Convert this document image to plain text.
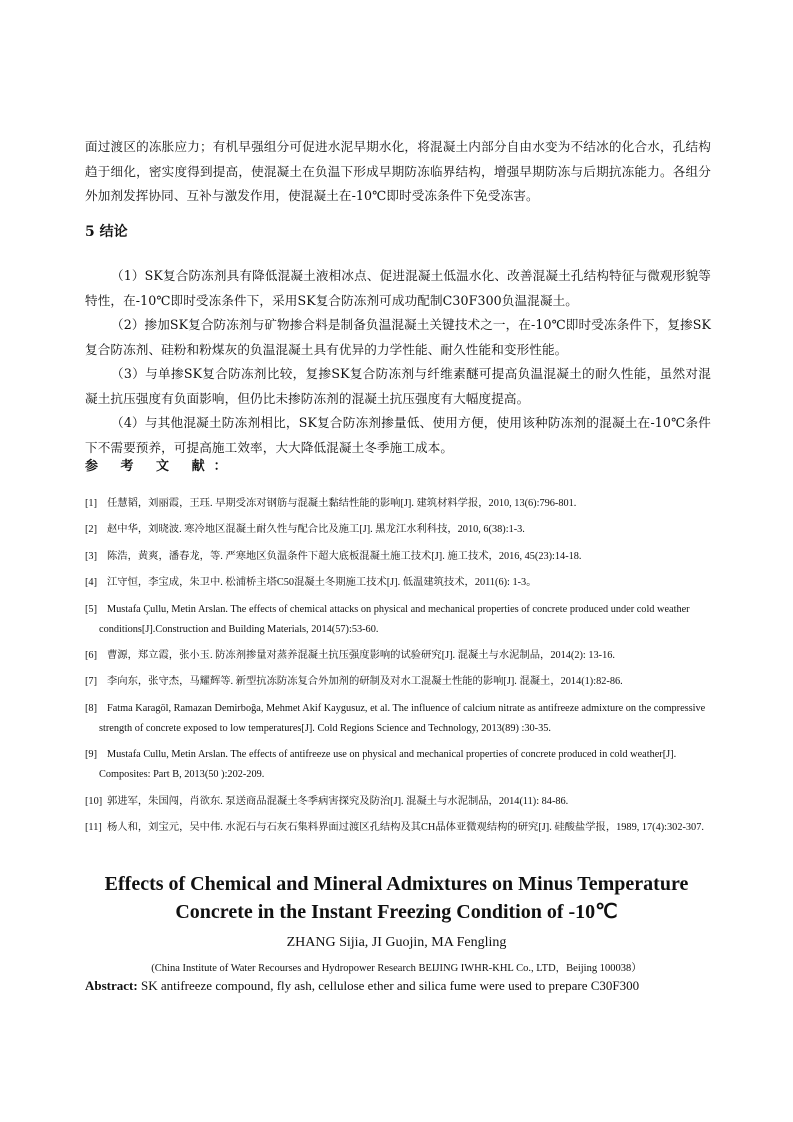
面过渡区的冻胀应力；有机早强组分可促进水泥早期水化，将混凝土内部分自由水变为不结冰的化合水，孔结构趋于细化，密实度得到提高，使混凝土在负温下形成早期防冻临界结构，增强早期防冻与后期抗冻能力。各组分外加剂发挥协同、互补与激发作用，使混凝土在-10℃即时受冻条件下免受冻害。

5 结论

（1）SK复合防冻剂具有降低混凝土液相冰点、促进混凝土低温水化、改善混凝土孔结构特征与微观形貌等特性，在-10℃即时受冻条件下，采用SK复合防冻剂可成功配制C30F300负温混凝土。

（2）掺加SK复合防冻剂与矿物掺合料是制备负温混凝土关键技术之一，在-10℃即时受冻条件下，复掺SK复合防冻剂、硅粉和粉煤灰的负温混凝土具有优异的力学性能、耐久性能和变形性能。

（3）与单掺SK复合防冻剂比较，复掺SK复合防冻剂与纤维素醚可提高负温混凝土的耐久性能，虽然对混凝土抗压强度有负面影响，但仍比未掺防冻剂的混凝土抗压强度有大幅度提高。

（4）与其他混凝土防冻剂相比，SK复合防冻剂掺量低、使用方便，使用该种防冻剂的混凝土在-10℃条件下不需要预养，可提高施工效率，大大降低混凝土冬季施工成本。

参 考 文 献：
[1] 任慧韬，刘丽霞，王珏. 早期受冻对钢筋与混凝土黏结性能的影响[J]. 建筑材料学报，2010, 13(6):796-801.
[2] 赵中华，刘晓波. 寒冷地区混凝土耐久性与配合比及施工[J]. 黑龙江水利科技，2010, 6(38):1-3.
[3] 陈浩，黄爽，潘春龙，等. 严寒地区负温条件下超大底板混凝土施工技术[J]. 施工技术，2016, 45(23):14-18.
[4] 江守恒，李宝成，朱卫中. 松浦桥主塔C50混凝土冬期施工技术[J]. 低温建筑技术，2011(6): 1-3。
[5] Mustafa Çullu, Metin Arslan. The effects of chemical attacks on physical and mechanical properties of concrete produced under cold weather conditions[J].Construction and Building Materials, 2014(57):53-60.
[6] 曹源，郑立霞，张小玉. 防冻剂掺量对蒸养混凝土抗压强度影响的试验研究[J]. 混凝土与水泥制品，2014(2): 13-16.
[7] 李向东，张守杰，马耀辉等. 新型抗冻防冻复合外加剂的研制及对水工混凝土性能的影响[J]. 混凝土，2014(1):82-86.
[8] Fatma Karagöl, Ramazan Demirboğa, Mehmet Akif Kaygusuz, et al. The influence of calcium nitrate as antifreeze admixture on the compressive strength of concrete exposed to low temperatures[J]. Cold Regions Science and Technology, 2013(89) :30-35.
[9] Mustafa Cullu, Metin Arslan. The effects of antifreeze use on physical and mechanical properties of concrete produced in cold weather[J]. Composites: Part B, 2013(50 ):202-209.
[10] 郭进军，朱国闯，肖欲东. 泵送商品混凝土冬季病害探究及防治[J]. 混凝土与水泥制品，2014(11): 84-86.
[11] 杨人和，刘宝元，吴中伟. 水泥石与石灰石集料界面过渡区孔结构及其CH晶体亚微观结构的研究[J]. 硅酸盐学报，1989, 17(4):302-307.
Effects of Chemical and Mineral Admixtures on Minus Temperature
Concrete in the Instant Freezing Condition of -10℃

ZHANG Sijia, JI Guojin, MA Fengling

(China Institute of Water Recourses and Hydropower Research BEIJING IWHR-KHL Co., LTD，Beijing 100038）

Abstract: SK antifreeze compound, fly ash, cellulose ether and silica fume were used to prepare C30F300
